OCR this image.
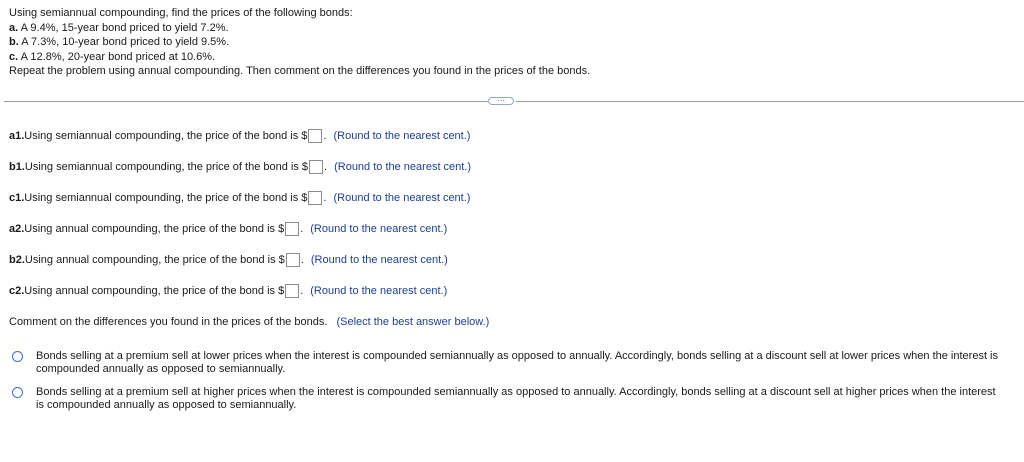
Using semiannual compounding, find the prices of the following bonds:
a. A 9.4%, 15-year bond priced to yield 7.2%.
b. A 7.3%, 10-year bond priced to yield 9.5%.
c. A 12.8%, 20-year bond priced at 10.6%.
Repeat the problem using annual compounding. Then comment on the differences you found in the prices of the bonds.
···
a1. Using semiannual compounding, the price of the bond is $ . (Round to the nearest cent.)
b1. Using semiannual compounding, the price of the bond is $ . (Round to the nearest cent.)
c1. Using semiannual compounding, the price of the bond is $ . (Round to the nearest cent.)
a2. Using annual compounding, the price of the bond is $ . (Round to the nearest cent.)
b2. Using annual compounding, the price of the bond is $ . (Round to the nearest cent.)
c2. Using annual compounding, the price of the bond is $ . (Round to the nearest cent.)
Comment on the differences you found in the prices of the bonds. (Select the best answer below.)
Bonds selling at a premium sell at lower prices when the interest is compounded semiannually as opposed to annually. Accordingly, bonds selling at a discount sell at lower prices when the interest is compounded annually as opposed to semiannually.
Bonds selling at a premium sell at higher prices when the interest is compounded semiannually as opposed to annually. Accordingly, bonds selling at a discount sell at higher prices when the interest is compounded annually as opposed to semiannually.
